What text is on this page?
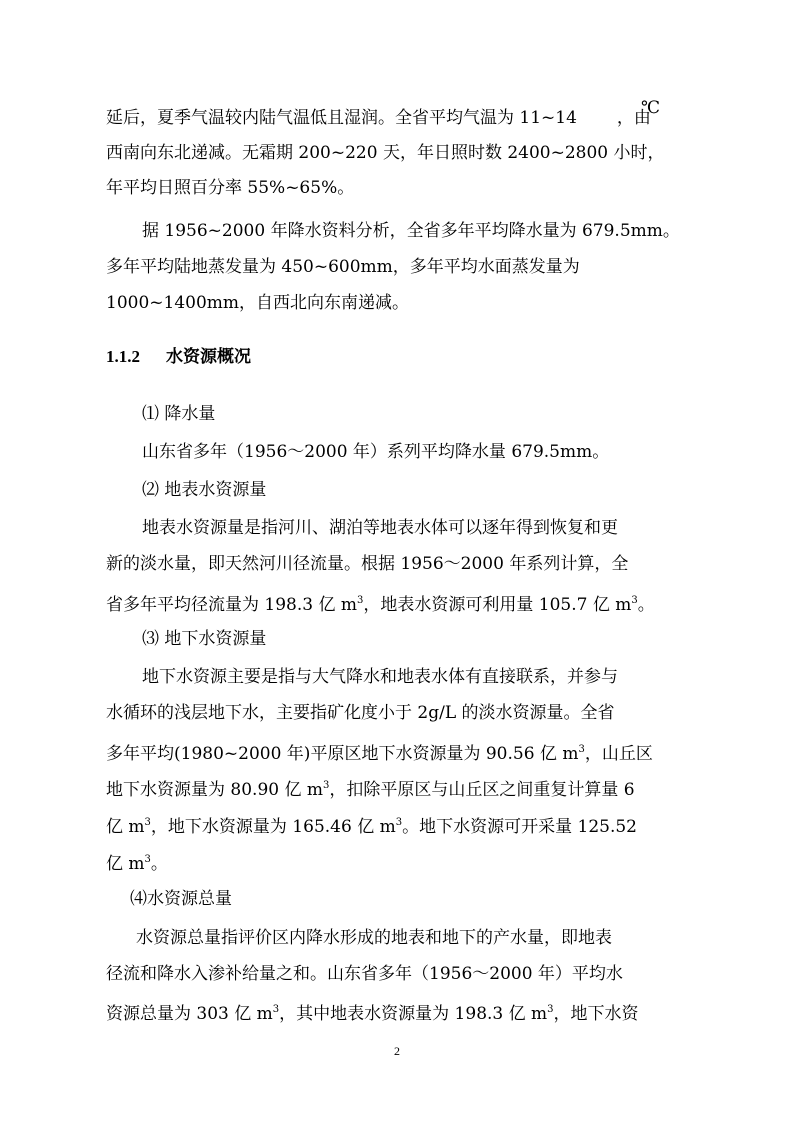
延后，夏季气温较内陆气温低且湿润。全省平均气温为 11~14 ，由
℃
西南向东北递减。无霜期 200~220 天，年日照时数 2400~2800 小时，
年平均日照百分率 55%~65%。
据 1956~2000 年降水资料分析，全省多年平均降水量为 679.5mm。
多年平均陆地蒸发量为 450~600mm，多年平均水面蒸发量为
1000~1400mm，自西北向东南递减。
1.1.2 水资源概况
⑴ 降水量
山东省多年（1956～2000 年）系列平均降水量 679.5mm。
⑵ 地表水资源量
地表水资源量是指河川、湖泊等地表水体可以逐年得到恢复和更
新的淡水量，即天然河川径流量。根据 1956～2000 年系列计算，全
省多年平均径流量为 198.3 亿 $m^3$，地表水资源可利用量 105.7 亿 $m^3$。
⑶ 地下水资源量
地下水资源主要是指与大气降水和地表水体有直接联系，并参与
水循环的浅层地下水，主要指矿化度小于 2g/L 的淡水资源量。全省
多年平均(1980~2000 年)平原区地下水资源量为 90.56 亿 $m^3$，山丘区
地下水资源量为 80.90 亿 $m^3$，扣除平原区与山丘区之间重复计算量 6
亿 $m^3$，地下水资源量为 165.46 亿 $m^3$。地下水资源可开采量 125.52
亿 $m^3$。
⑷水资源总量
水资源总量指评价区内降水形成的地表和地下的产水量，即地表
径流和降水入渗补给量之和。山东省多年（1956～2000 年）平均水
资源总量为 303 亿 $m^3$，其中地表水资源量为 198.3 亿 $m^3$，地下水资
2
